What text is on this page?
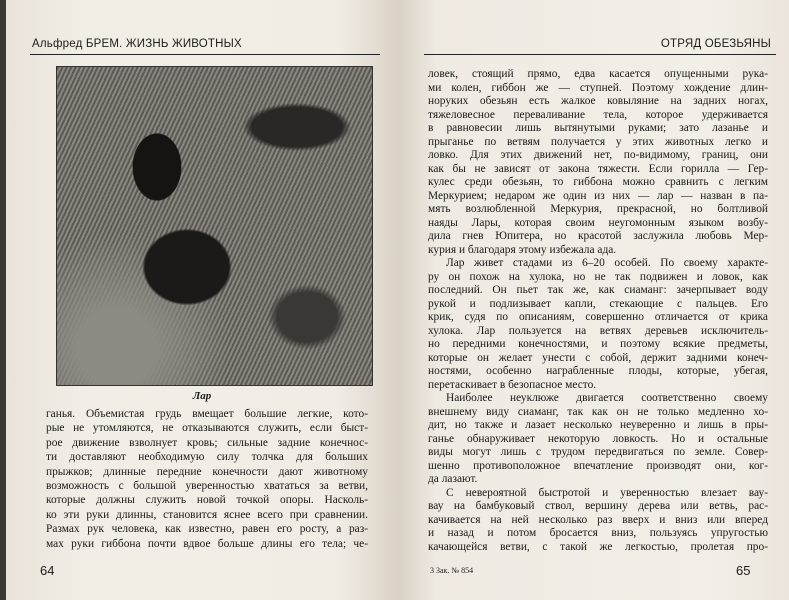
Альфред БРЕМ. ЖИЗНЬ ЖИВОТНЫХ
Лар
ганья. Объемистая грудь вмещает большие легкие, кото-
рые не утомляются, не отказываются служить, если быст-
рое движение взволнует кровь; сильные задние конечнос-
ти доставляют необходимую силу толчка для больших
прыжков; длинные передние конечности дают животному
возможность с большой уверенностью хвататься за ветви,
которые должны служить новой точкой опоры. Насколь-
ко эти руки длинны, становится яснее всего при сравнении.
Размах рук человека, как известно, равен его росту, а раз-
мах руки гиббона почти вдвое больше длины его тела; че-
64
ОТРЯД ОБЕЗЬЯНЫ
ловек, стоящий прямо, едва касается опущенными рука-
ми колен, гиббон же — ступней. Поэтому хождение длин-
норуких обезьян есть жалкое ковыляние на задних ногах,
тяжеловесное переваливание тела, которое удерживается
в равновесии лишь вытянутыми руками; зато лазанье и
прыганье по ветвям получается у этих животных легко и
ловко. Для этих движений нет, по-видимому, границ, они
как бы не зависят от закона тяжести. Если горилла — Гер-
кулес среди обезьян, то гиббона можно сравнить с легким
Меркурием; недаром же один из них — лар — назван в па-
мять возлюбленной Меркурия, прекрасной, но болтливой
наяды Лары, которая своим неугомонным языком возбу-
дила гнев Юпитера, но красотой заслужила любовь Мер-
курия и благодаря этому избежала ада.
Лар живет стадами из 6–20 особей. По своему характе-
ру он похож на хулока, но не так подвижен и ловок, как
последний. Он пьет так же, как сиаманг: зачерпывает воду
рукой и подлизывает капли, стекающие с пальцев. Его
крик, судя по описаниям, совершенно отличается от крика
хулока. Лар пользуется на ветвях деревьев исключитель-
но передними конечностями, и поэтому всякие предметы,
которые он желает унести с собой, держит задними конеч-
ностями, особенно награбленные плоды, которые, убегая,
перетаскивает в безопасное место.
Наиболее неуклюже двигается соответственно своему
внешнему виду сиаманг, так как он не только медленно хо-
дит, но также и лазает несколько неуверенно и лишь в пры-
ганье обнаруживает некоторую ловкость. Но и остальные
виды могут лишь с трудом передвигаться по земле. Совер-
шенно противоположное впечатление производят они, ког-
да лазают.
С невероятной быстротой и уверенностью влезает вау-
вау на бамбуковый ствол, вершину дерева или ветвь, рас-
качивается на ней несколько раз вверх и вниз или вперед
и назад и потом бросается вниз, пользуясь упругостью
качающейся ветви, с такой же легкостью, пролетая про-
3 Зак. № 854	65
